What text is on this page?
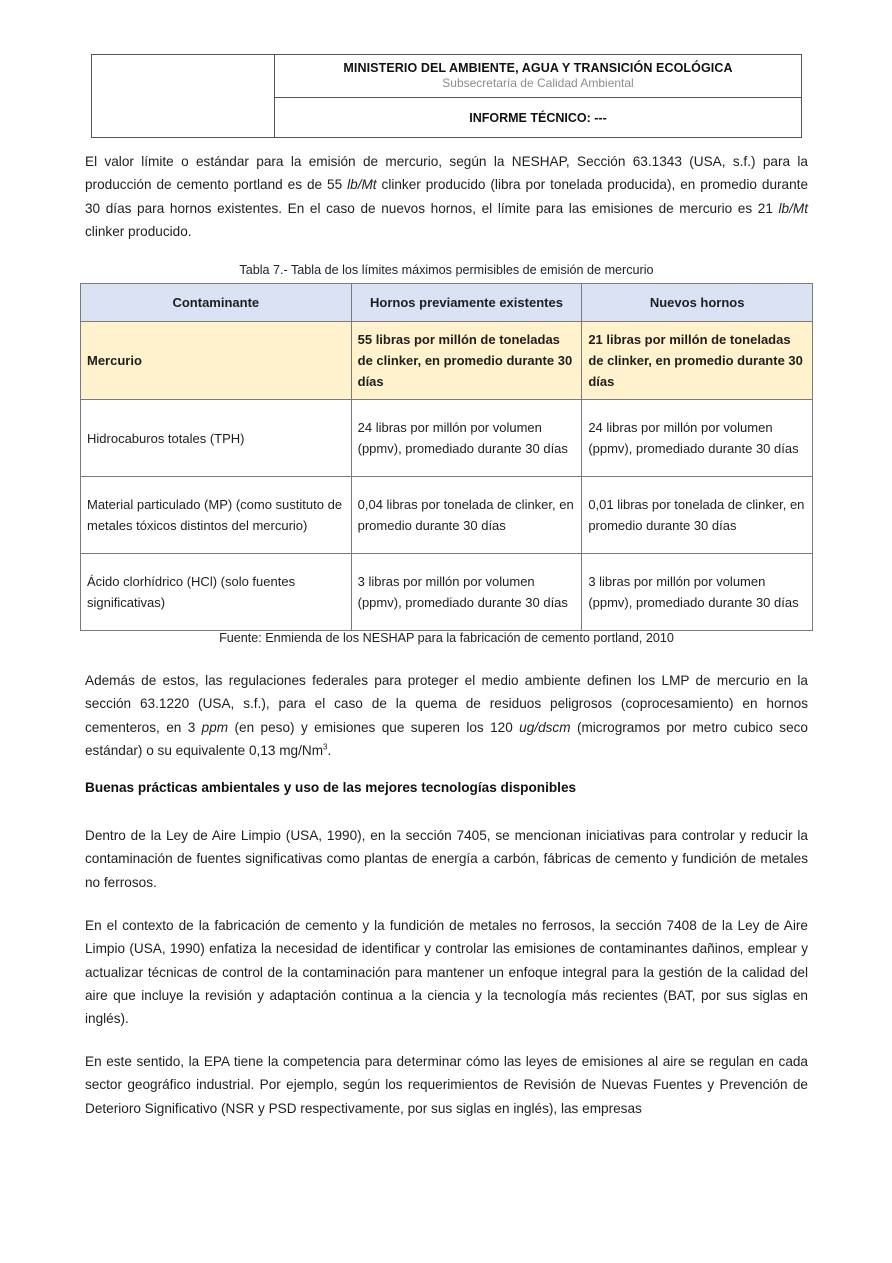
MINISTERIO DEL AMBIENTE, AGUA Y TRANSICIÓN ECOLÓGICA
Subsecretaría de Calidad Ambiental
INFORME TÉCNICO: ---

El valor límite o estándar para la emisión de mercurio, según la NESHAP, Sección 63.1343 (USA, s.f.) para la producción de cemento portland es de 55 lb/Mt clinker producido (libra por tonelada producida), en promedio durante 30 días para hornos existentes. En el caso de nuevos hornos, el límite para las emisiones de mercurio es 21 lb/Mt clinker producido.

Tabla 7.- Tabla de los límites máximos permisibles de emisión de mercurio

Contaminante	Hornos previamente existentes	Nuevos hornos
Mercurio	55 libras por millón de toneladas de clinker, en promedio durante 30 días	21 libras por millón de toneladas de clinker, en promedio durante 30 días
Hidrocaburos totales (TPH)	24 libras por millón por volumen (ppmv), promediado durante 30 días	24 libras por millón por volumen (ppmv), promediado durante 30 días
Material particulado (MP) (como sustituto de metales tóxicos distintos del mercurio)	0,04 libras por tonelada de clinker, en promedio durante 30 días	0,01 libras por tonelada de clinker, en promedio durante 30 días
Ácido clorhídrico (HCl) (solo fuentes significativas)	3 libras por millón por volumen (ppmv), promediado durante 30 días	3 libras por millón por volumen (ppmv), promediado durante 30 días

Fuente: Enmienda de los NESHAP para la fabricación de cemento portland, 2010

Además de estos, las regulaciones federales para proteger el medio ambiente definen los LMP de mercurio en la sección 63.1220 (USA, s.f.), para el caso de la quema de residuos peligrosos (coprocesamiento) en hornos cementeros, en 3 ppm (en peso) y emisiones que superen los 120 ug/dscm (microgramos por metro cubico seco estándar) o su equivalente 0,13 mg/Nm$^3$.

Buenas prácticas ambientales y uso de las mejores tecnologías disponibles

Dentro de la Ley de Aire Limpio (USA, 1990), en la sección 7405, se mencionan iniciativas para controlar y reducir la contaminación de fuentes significativas como plantas de energía a carbón, fábricas de cemento y fundición de metales no ferrosos.

En el contexto de la fabricación de cemento y la fundición de metales no ferrosos, la sección 7408 de la Ley de Aire Limpio (USA, 1990) enfatiza la necesidad de identificar y controlar las emisiones de contaminantes dañinos, emplear y actualizar técnicas de control de la contaminación para mantener un enfoque integral para la gestión de la calidad del aire que incluye la revisión y adaptación continua a la ciencia y la tecnología más recientes (BAT, por sus siglas en inglés).

En este sentido, la EPA tiene la competencia para determinar cómo las leyes de emisiones al aire se regulan en cada sector geográfico industrial. Por ejemplo, según los requerimientos de Revisión de Nuevas Fuentes y Prevención de Deterioro Significativo (NSR y PSD respectivamente, por sus siglas en inglés), las empresas
